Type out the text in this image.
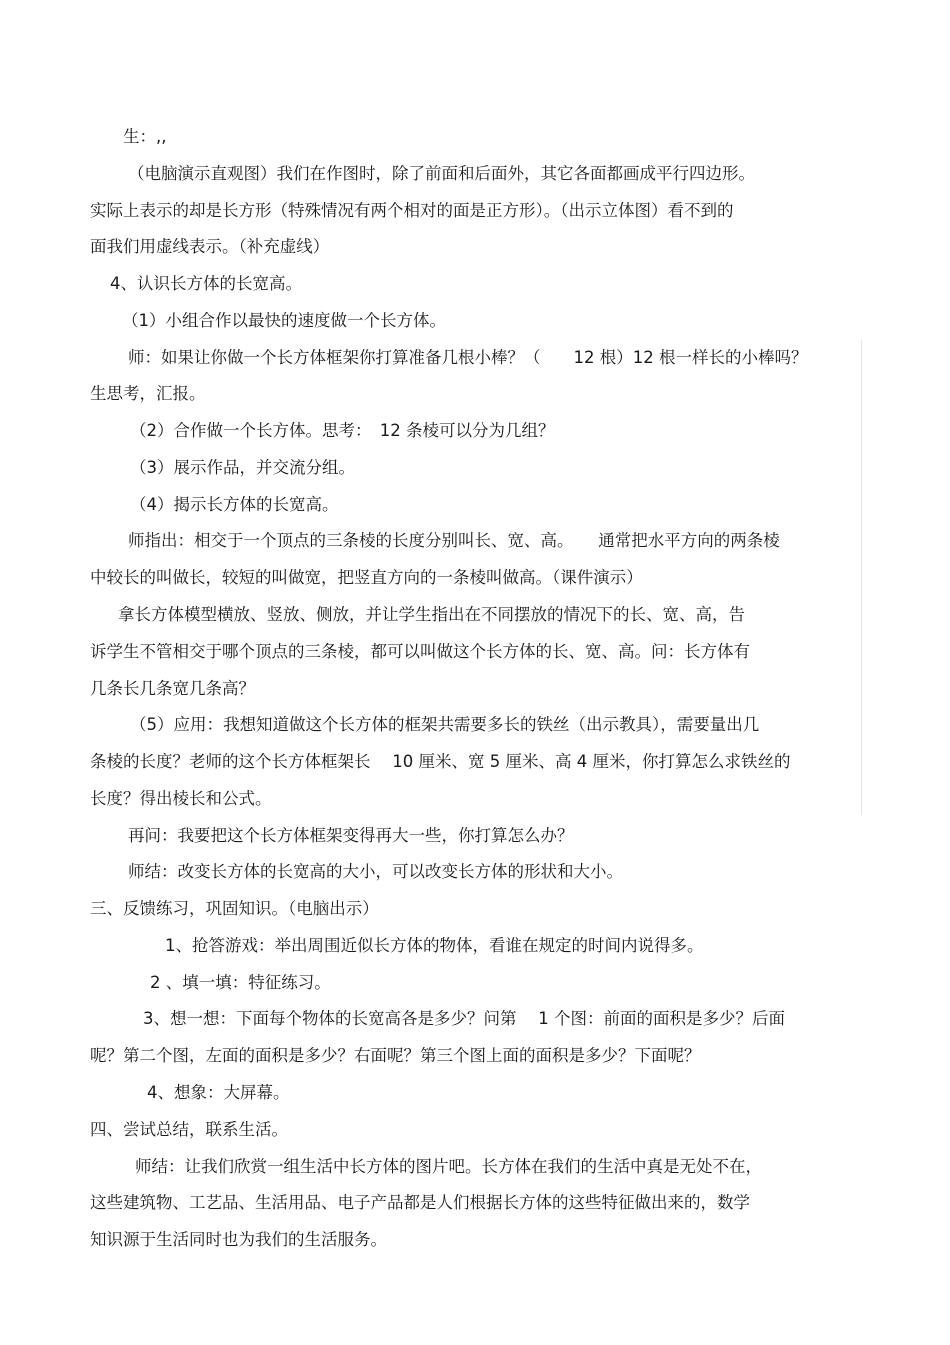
生：,,
（电脑演示直观图）我们在作图时，除了前面和后面外，其它各面都画成平行四边形。
实际上表示的却是长方形（特殊情况有两个相对的面是正方形）。（出示立体图）看不到的
面我们用虚线表示。（补充虚线）
4、认识长方体的长宽高。
（1）小组合作以最快的速度做一个长方体。
师：如果让你做一个长方体框架你打算准备几根小棒？（　　12 根）12 根一样长的小棒吗？
生思考，汇报。
（2）合作做一个长方体。思考：　12 条棱可以分为几组？
（3）展示作品，并交流分组。
（4）揭示长方体的长宽高。
师指出：相交于一个顶点的三条棱的长度分别叫长、宽、高。　　通常把水平方向的两条棱
中较长的叫做长，较短的叫做宽，把竖直方向的一条棱叫做高。（课件演示）
拿长方体模型横放、竖放、侧放，并让学生指出在不同摆放的情况下的长、宽、高，告
诉学生不管相交于哪个顶点的三条棱，都可以叫做这个长方体的长、宽、高。问：长方体有
几条长几条宽几条高？
（5）应用：我想知道做这个长方体的框架共需要多长的铁丝（出示教具），需要量出几
条棱的长度？老师的这个长方体框架长　 10 厘米、宽 5 厘米、高 4 厘米，你打算怎么求铁丝的
长度？得出棱长和公式。
再问：我要把这个长方体框架变得再大一些，你打算怎么办？
师结：改变长方体的长宽高的大小，可以改变长方体的形状和大小。
三、反馈练习，巩固知识。（电脑出示）
1、抢答游戏：举出周围近似长方体的物体，看谁在规定的时间内说得多。
2 、填一填：特征练习。
3、想一想：下面每个物体的长宽高各是多少？问第　 1 个图：前面的面积是多少？后面
呢？第二个图，左面的面积是多少？右面呢？第三个图上面的面积是多少？下面呢？
4、想象：大屏幕。
四、尝试总结，联系生活。
师结：让我们欣赏一组生活中长方体的图片吧。长方体在我们的生活中真是无处不在，
这些建筑物、工艺品、生活用品、电子产品都是人们根据长方体的这些特征做出来的，数学
知识源于生活同时也为我们的生活服务。
